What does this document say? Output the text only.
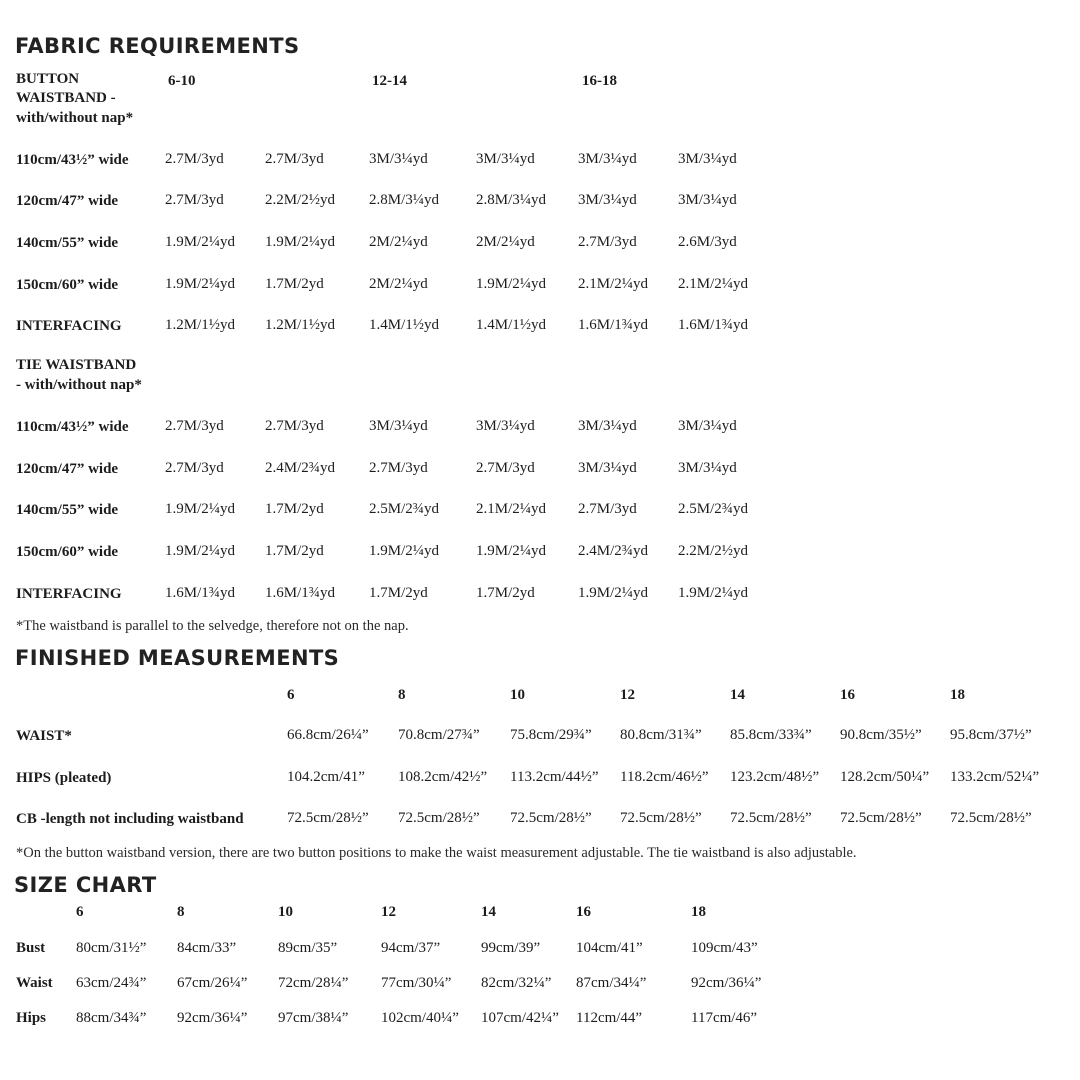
FABRIC REQUIREMENTS
BUTTON
WAISTBAND -
with/without nap*
6-10	12-14	16-18
110cm/43½” wide 2.7M/3yd	2.7M/3yd	3M/3¼yd	3M/3¼yd	3M/3¼yd	3M/3¼yd
120cm/47” wide	2.7M/3yd	2.2M/2½yd 2.8M/3¼yd 2.8M/3¼yd 3M/3¼yd	3M/3¼yd
140cm/55” wide	1.9M/2¼yd 1.9M/2¼yd 2M/2¼yd	2M/2¼yd	2.7M/3yd	2.6M/3yd
150cm/60” wide	1.9M/2¼yd 1.7M/2yd	2M/2¼yd	1.9M/2¼yd 2.1M/2¼yd 2.1M/2¼yd
INTERFACING	1.2M/1½yd 1.2M/1½yd 1.4M/1½yd 1.4M/1½yd 1.6M/1¾yd 1.6M/1¾yd
TIE WAISTBAND
- with/without nap*
110cm/43½” wide 2.7M/3yd	2.7M/3yd	3M/3¼yd	3M/3¼yd	3M/3¼yd	3M/3¼yd
120cm/47” wide	2.7M/3yd	2.4M/2¾yd 2.7M/3yd	2.7M/3yd	3M/3¼yd	3M/3¼yd
140cm/55” wide	1.9M/2¼yd 1.7M/2yd	2.5M/2¾yd 2.1M/2¼yd 2.7M/3yd	2.5M/2¾yd
150cm/60” wide	1.9M/2¼yd 1.7M/2yd	1.9M/2¼yd 1.9M/2¼yd 2.4M/2¾yd 2.2M/2½yd
INTERFACING	1.6M/1¾yd 1.6M/1¾yd 1.7M/2yd	1.7M/2yd	1.9M/2¼yd 1.9M/2¼yd
*The waistband is parallel to the selvedge, therefore not on the nap.
FINISHED MEASUREMENTS
6	8	10	12	14	16	18
WAIST*	66.8cm/26¼” 70.8cm/27¾” 75.8cm/29¾” 80.8cm/31¾” 85.8cm/33¾” 90.8cm/35½” 95.8cm/37½”
HIPS (pleated)	104.2cm/41” 108.2cm/42½” 113.2cm/44½” 118.2cm/46½” 123.2cm/48½” 128.2cm/50¼” 133.2cm/52¼”
CB -length not including waistband	72.5cm/28½” 72.5cm/28½” 72.5cm/28½” 72.5cm/28½” 72.5cm/28½” 72.5cm/28½” 72.5cm/28½”
*On the button waistband version, there are two button positions to make the waist measurement adjustable. The tie waistband is also adjustable.
SIZE CHART
6	8	10	12	14	16	18
Bust 80cm/31½” 84cm/33”	89cm/35”	94cm/37”	99cm/39” 104cm/41”	109cm/43”
Waist 63cm/24¾” 67cm/26¼” 72cm/28¼” 77cm/30¼” 82cm/32¼” 87cm/34¼”	92cm/36¼”
Hips 88cm/34¾” 92cm/36¼” 97cm/38¼” 102cm/40¼” 107cm/42¼” 112cm/44”	117cm/46”
